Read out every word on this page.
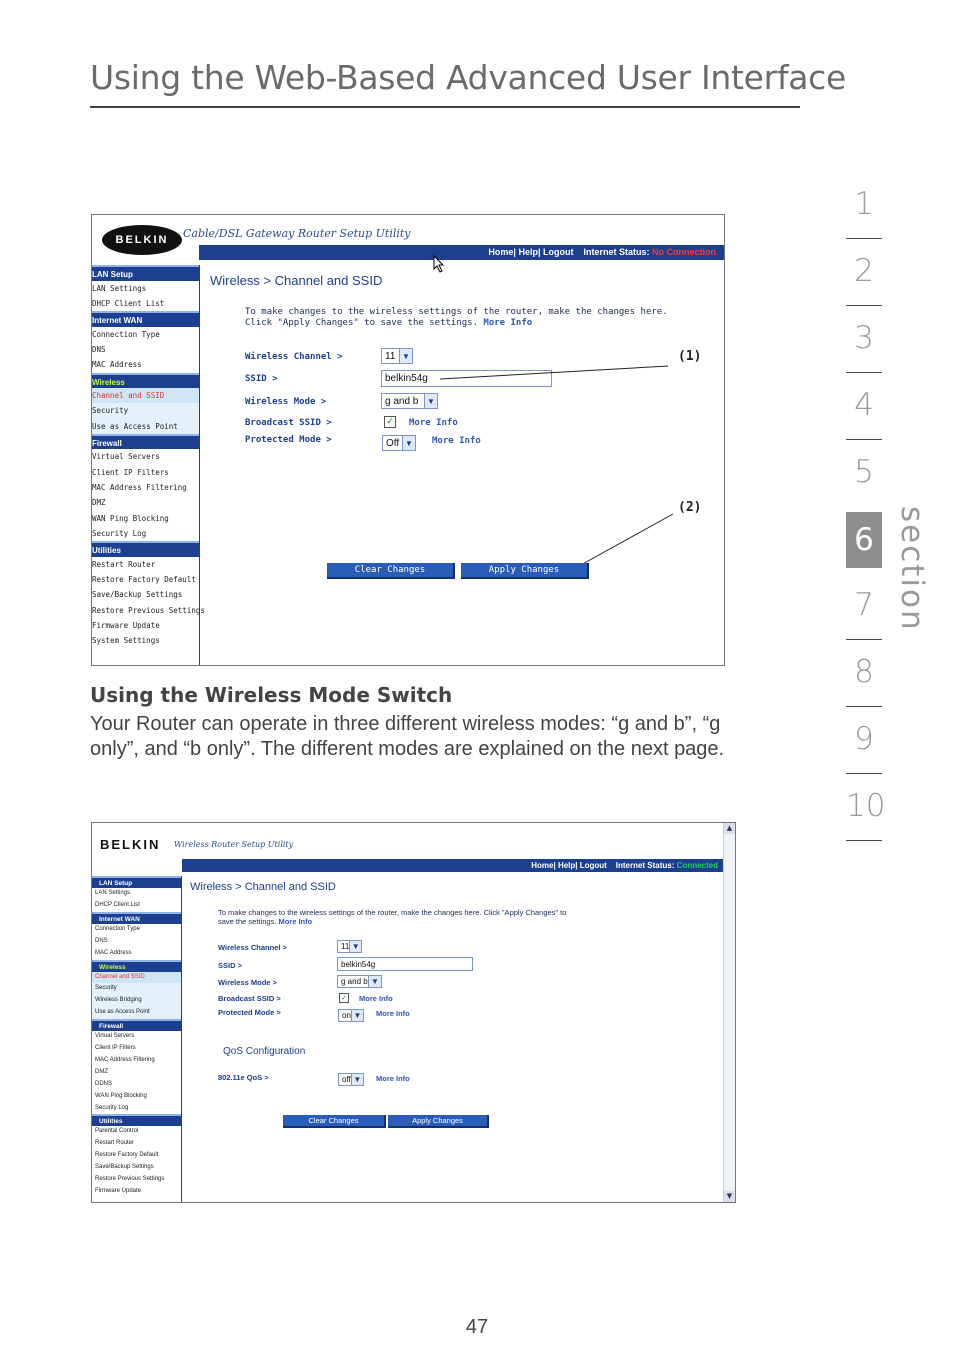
Using the Web-Based Advanced User Interface
1
2
3
4
5
6
7
8
9
10
section
BELKIN	Cable/DSL Gateway Router Setup Utility
Home| Help| Logout Internet Status: No Connection
LAN Setup
LAN Settings
DHCP Client List
Internet WAN
Connection Type
DNS
MAC Address
Wireless
Channel and SSID
Security
Use as Access Point
Firewall
Virtual Servers
Client IP Filters
MAC Address Filtering
DMZ
WAN Ping Blocking
Security Log
Utilities
Restart Router
Restore Factory Default
Save/Backup Settings
Restore Previous Settings
Firmware Update
System Settings
Wireless > Channel and SSID
To make changes to the wireless settings of the router, make the changes here. Click "Apply Changes" to save the settings. More Info
Wireless Channel >	11 ▼
SSID >	belkin54g
Wireless Mode >	g and b	▼
Broadcast SSID >	✓ More Info
Protected Mode >	Off ▼ More Info
(1)
(2)
Clear Changes	Apply Changes
Using the Wireless Mode Switch
Your Router can operate in three different wireless modes: “g and b”, “g only”, and “b only”. The different modes are explained on the next page.
BELKIN Wireless Router Setup Utility
Home| Help| Logout Internet Status: Connected
LAN Setup
LAN Settings
DHCP Client List
Internet WAN
Connection Type
DNS
MAC Address
Wireless
Channel and SSID
Security
Wireless Bridging
Use as Access Point
Firewall
Virtual Servers
Client IP Filters
MAC Address Filtering
DMZ
DDNS
WAN Ping Blocking
Security Log
Utilities
Parental Control
Restart Router
Restore Factory Default
Save/Backup Settings
Restore Previous Settings
Firmware Update
Wireless > Channel and SSID
To make changes to the wireless settings of the router, make the changes here. Click "Apply Changes" to save the settings. More Info
Wireless Channel >	11 ▼
SSID >	belkin54g
Wireless Mode >	g and b ▼
Broadcast SSID >	✓ More Info
Protected Mode >	on ▼ More Info
QoS Configuration
802.11e QoS >	off ▼ More Info
Clear Changes	Apply Changes
▲
▼
47
